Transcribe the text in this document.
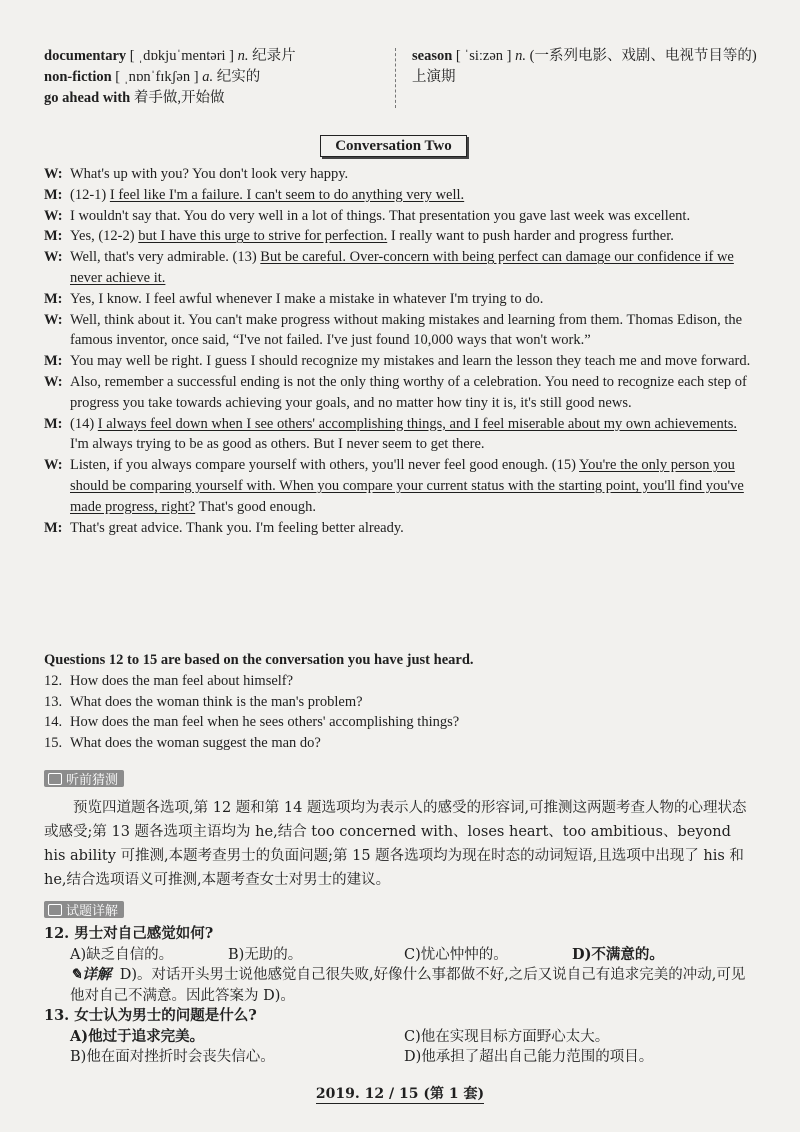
documentary [ ˌdɒkjuˈmentəri ] n. 纪录片
non-fiction [ ˌnɒnˈfɪkʃən ] a. 纪实的
go ahead with 着手做,开始做
season [ ˈsiːzən ] n. (一系列电影、戏剧、电视节目等的)上演期
Conversation Two
W: What's up with you? You don't look very happy.
M: (12-1) I feel like I'm a failure. I can't seem to do anything very well.
W: I wouldn't say that. You do very well in a lot of things. That presentation you gave last week was excellent.
M: Yes, (12-2) but I have this urge to strive for perfection. I really want to push harder and progress further.
W: Well, that's very admirable. (13) But be careful. Over-concern with being perfect can damage our confidence if we never achieve it.
M: Yes, I know. I feel awful whenever I make a mistake in whatever I'm trying to do.
W: Well, think about it. You can't make progress without making mistakes and learning from them. Thomas Edison, the famous inventor, once said, “I've not failed. I've just found 10,000 ways that won't work.”
M: You may well be right. I guess I should recognize my mistakes and learn the lesson they teach me and move forward.
W: Also, remember a successful ending is not the only thing worthy of a celebration. You need to recognize each step of progress you take towards achieving your goals, and no matter how tiny it is, it's still good news.
M: (14) I always feel down when I see others' accomplishing things, and I feel miserable about my own achievements. I'm always trying to be as good as others. But I never seem to get there.
W: Listen, if you always compare yourself with others, you'll never feel good enough. (15) You're the only person you should be comparing yourself with. When you compare your current status with the starting point, you'll find you've made progress, right? That's good enough.
M: That's great advice. Thank you. I'm feeling better already.
Questions 12 to 15 are based on the conversation you have just heard.
12. How does the man feel about himself?
13. What does the woman think is the man's problem?
14. How does the man feel when he sees others' accomplishing things?
15. What does the woman suggest the man do?
听前猜测
预览四道题各选项,第 12 题和第 14 题选项均为表示人的感受的形容词,可推测这两题考查人物的心理状态或感受;第 13 题各选项主语均为 he,结合 too concerned with、loses heart、too ambitious、beyond his ability 可推测,本题考查男士的负面问题;第 15 题各选项均为现在时态的动词短语,且选项中出现了 his 和 he,结合选项语义可推测,本题考查女士对男士的建议。
试题详解
12. 男士对自己感觉如何?
A)缺乏自信的。	B)无助的。	C)忧心忡忡的。	D)不满意的。
✎详解 D)。对话开头男士说他感觉自己很失败,好像什么事都做不好,之后又说自己有追求完美的冲动,可见他对自己不满意。因此答案为 D)。
13. 女士认为男士的问题是什么?
A)他过于追求完美。	C)他在实现目标方面野心太大。
B)他在面对挫折时会丧失信心。	D)他承担了超出自己能力范围的项目。
2019. 12 / 15 (第 1 套)
